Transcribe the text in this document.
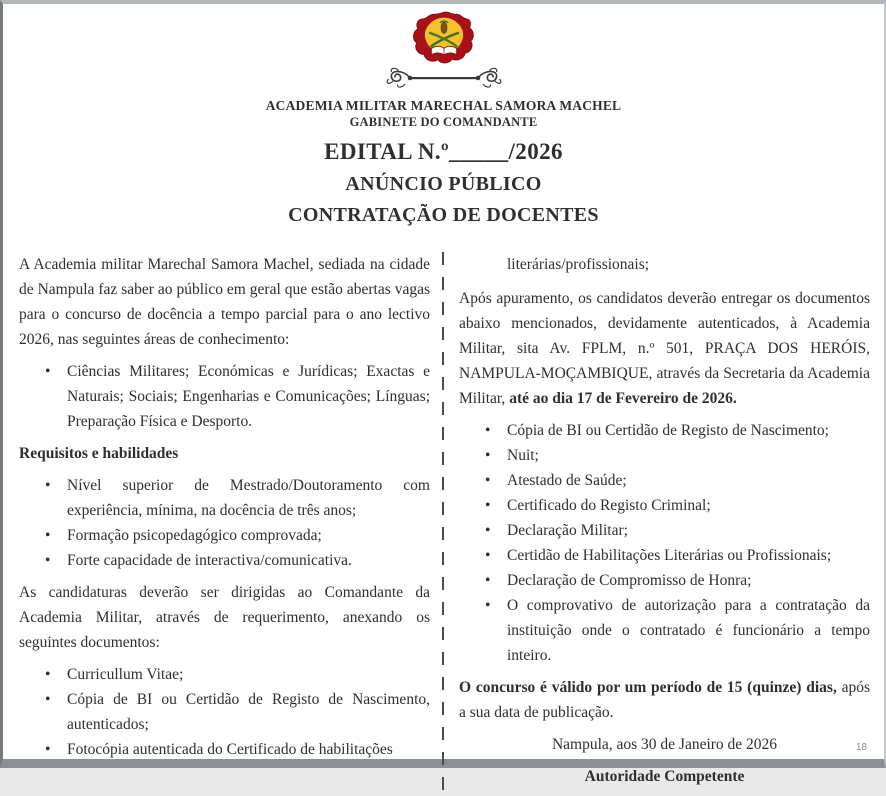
ACADEMIA MILITAR MARECHAL SAMORA MACHEL
GABINETE DO COMANDANTE
EDITAL N.º_____/2026
ANÚNCIO PÚBLICO
CONTRATAÇÃO DE DOCENTES

A Academia militar Marechal Samora Machel, sediada na cidade de Nampula faz saber ao público em geral que estão abertas vagas para o concurso de docência a tempo parcial para o ano lectivo 2026, nas seguintes áreas de conhecimento:

• Ciências Militares; Económicas e Jurídicas; Exactas e Naturais; Sociais; Engenharias e Comunicações; Línguas; Preparação Física e Desporto.

Requisitos e habilidades

• Nível superior de Mestrado/Doutoramento com experiência, mínima, na docência de três anos;
• Formação psicopedagógico comprovada;
• Forte capacidade de interactiva/comunicativa.

As candidaturas deverão ser dirigidas ao Comandante da Academia Militar, através de requerimento, anexando os seguintes documentos:

• Curricullum Vitae;
• Cópia de BI ou Certidão de Registo de Nascimento, autenticados;
• Fotocópia autenticada do Certificado de habilitações
literárias/profissionais;

Após apuramento, os candidatos deverão entregar os documentos abaixo mencionados, devidamente autenticados, à Academia Militar, sita Av. FPLM, n.º 501, PRAÇA DOS HERÓIS, NAMPULA-MOÇAMBIQUE, através da Secretaria da Academia Militar, até ao dia 17 de Fevereiro de 2026.

• Cópia de BI ou Certidão de Registo de Nascimento;
• Nuit;
• Atestado de Saúde;
• Certificado do Registo Criminal;
• Declaração Militar;
• Certidão de Habilitações Literárias ou Profissionais;
• Declaração de Compromisso de Honra;
• O comprovativo de autorização para a contratação da instituição onde o contratado é funcionário a tempo inteiro.

O concurso é válido por um período de 15 (quinze) dias, após a sua data de publicação.

Nampula, aos 30 de Janeiro de 2026

Autoridade Competente

18
